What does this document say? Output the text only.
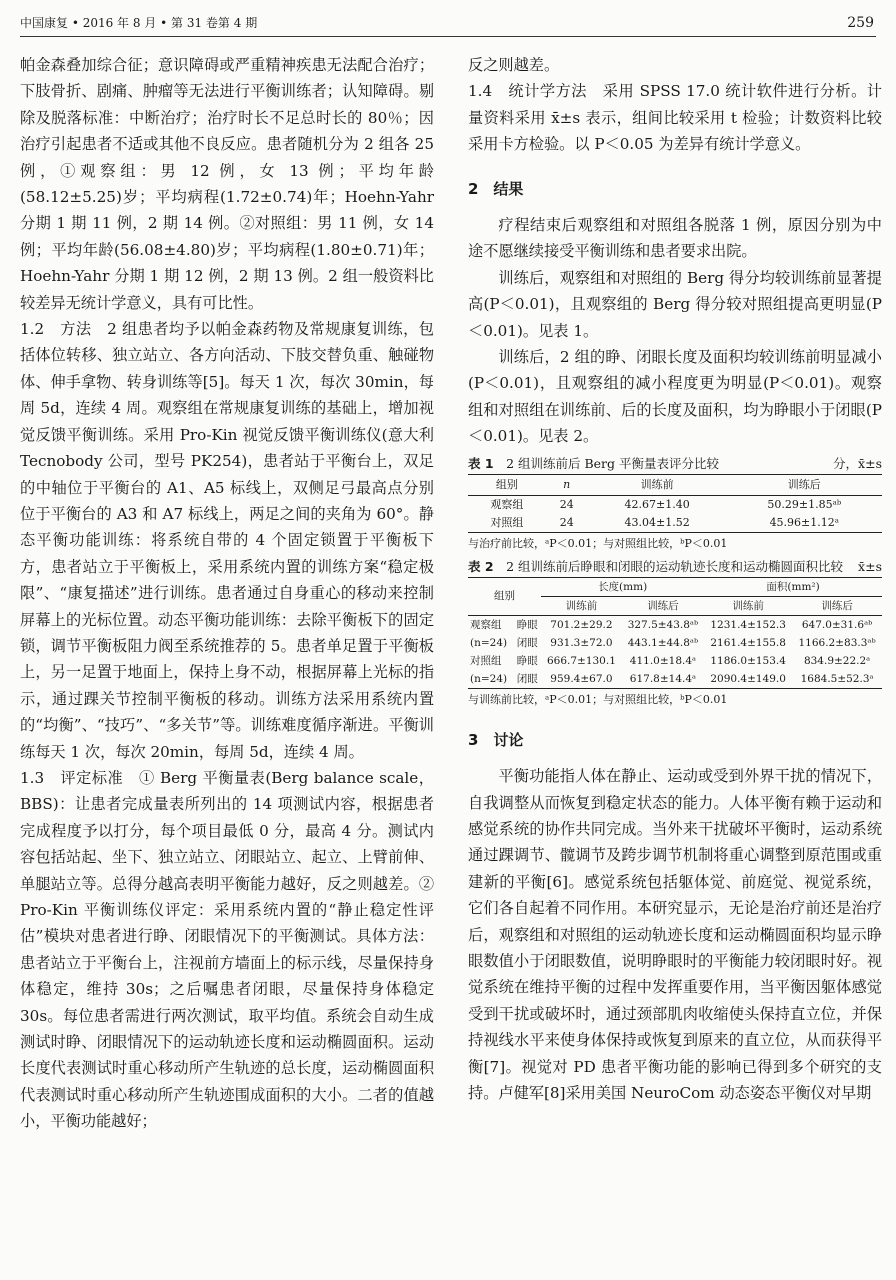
中国康复 • 2016 年 8 月 • 第 31 卷第 4 期	259

帕金森叠加综合征；意识障碍或严重精神疾患无法配合治疗；下肢骨折、剧痛、肿瘤等无法进行平衡训练者；认知障碍。剔除及脱落标准：中断治疗；治疗时长不足总时长的 80％；因治疗引起患者不适或其他不良反应。患者随机分为 2 组各 25 例，①观察组：男 12 例，女 13 例；平均年龄(58.12±5.25)岁；平均病程(1.72±0.74)年；Hoehn-Yahr 分期 1 期 11 例，2 期 14 例。②对照组：男 11 例，女 14 例；平均年龄(56.08±4.80)岁；平均病程(1.80±0.71)年；Hoehn-Yahr 分期 1 期 12 例，2 期 13 例。2 组一般资料比较差异无统计学意义，具有可比性。

1.2　方法　2 组患者均予以帕金森药物及常规康复训练，包括体位转移、独立站立、各方向活动、下肢交替负重、触碰物体、伸手拿物、转身训练等[5]。每天 1 次，每次 30min，每周 5d，连续 4 周。观察组在常规康复训练的基础上，增加视觉反馈平衡训练。采用 Pro-Kin 视觉反馈平衡训练仪(意大利 Tecnobody 公司，型号 PK254)，患者站于平衡台上，双足的中轴位于平衡台的 A1、A5 标线上，双侧足弓最高点分别位于平衡台的 A3 和 A7 标线上，两足之间的夹角为 60°。静态平衡功能训练：将系统自带的 4 个固定锁置于平衡板下方，患者站立于平衡板上，采用系统内置的训练方案“稳定极限”、“康复描述”进行训练。患者通过自身重心的移动来控制屏幕上的光标位置。动态平衡功能训练：去除平衡板下的固定锁，调节平衡板阻力阀至系统推荐的 5。患者单足置于平衡板上，另一足置于地面上，保持上身不动，根据屏幕上光标的指示，通过踝关节控制平衡板的移动。训练方法采用系统内置的“均衡”、“技巧”、“多关节”等。训练难度循序渐进。平衡训练每天 1 次，每次 20min，每周 5d，连续 4 周。

1.3　评定标准　① Berg 平衡量表(Berg balance scale，BBS)：让患者完成量表所列出的 14 项测试内容，根据患者完成程度予以打分，每个项目最低 0 分，最高 4 分。测试内容包括站起、坐下、独立站立、闭眼站立、起立、上臂前伸、单腿站立等。总得分越高表明平衡能力越好，反之则越差。② Pro-Kin 平衡训练仪评定：采用系统内置的“静止稳定性评估”模块对患者进行睁、闭眼情况下的平衡测试。具体方法：患者站立于平衡台上，注视前方墙面上的标示线，尽量保持身体稳定，维持 30s；之后嘱患者闭眼，尽量保持身体稳定 30s。每位患者需进行两次测试，取平均值。系统会自动生成测试时睁、闭眼情况下的运动轨迹长度和运动椭圆面积。运动长度代表测试时重心移动所产生轨迹的总长度，运动椭圆面积代表测试时重心移动所产生轨迹围成面积的大小。二者的值越小，平衡功能越好；

反之则越差。

1.4　统计学方法　采用 SPSS 17.0 统计软件进行分析。计量资料采用 x̄±s 表示，组间比较采用 t 检验；计数资料比较采用卡方检验。以 P＜0.05 为差异有统计学意义。

2　结果

疗程结束后观察组和对照组各脱落 1 例，原因分别为中途不愿继续接受平衡训练和患者要求出院。

训练后，观察组和对照组的 Berg 得分均较训练前显著提高(P＜0.01)，且观察组的 Berg 得分较对照组提高更明显(P＜0.01)。见表 1。

训练后，2 组的睁、闭眼长度及面积均较训练前明显减小(P＜0.01)，且观察组的减小程度更为明显(P＜0.01)。观察组和对照组在训练前、后的长度及面积，均为睁眼小于闭眼(P＜0.01)。见表 2。

表 1　 2 组训练前后 Berg 平衡量表评分比较	分，x̄±s
组别	n	训练前	训练后
观察组	24	42.67±1.40	50.29±1.85ᵃᵇ
对照组	24	43.04±1.52	45.96±1.12ᵃ
与治疗前比较，ᵃP＜0.01；与对照组比较，ᵇP＜0.01
表 2　 2 组训练前后睁眼和闭眼的运动轨迹长度和运动椭圆面积比较 x̄±s
组别		长度(mm)		面积(mm²)	
		训练前	训练后	训练前	训练后
观察组	睁眼	701.2±29.2	327.5±43.8ᵃᵇ	1231.4±152.3	647.0±31.6ᵃᵇ
(n=24)	闭眼	931.3±72.0	443.1±44.8ᵃᵇ	2161.4±155.8	1166.2±83.3ᵃᵇ
对照组	睁眼	666.7±130.1	411.0±18.4ᵃ	1186.0±153.4	834.9±22.2ᵃ
(n=24)	闭眼	959.4±67.0	617.8±14.4ᵃ	2090.4±149.0	1684.5±52.3ᵃ
与训练前比较，ᵃP＜0.01；与对照组比较，ᵇP＜0.01
3　讨论

平衡功能指人体在静止、运动或受到外界干扰的情况下，自我调整从而恢复到稳定状态的能力。人体平衡有赖于运动和感觉系统的协作共同完成。当外来干扰破坏平衡时，运动系统通过踝调节、髋调节及跨步调节机制将重心调整到原范围或重建新的平衡[6]。感觉系统包括躯体觉、前庭觉、视觉系统，它们各自起着不同作用。本研究显示，无论是治疗前还是治疗后，观察组和对照组的运动轨迹长度和运动椭圆面积均显示睁眼数值小于闭眼数值，说明睁眼时的平衡能力较闭眼时好。视觉系统在维持平衡的过程中发挥重要作用，当平衡因躯体感觉受到干扰或破坏时，通过颈部肌肉收缩使头保持直立位，并保持视线水平来使身体保持或恢复到原来的直立位，从而获得平衡[7]。视觉对 PD 患者平衡功能的影响已得到多个研究的支持。卢健军[8]采用美国 NeuroCom 动态姿态平衡仪对早期
